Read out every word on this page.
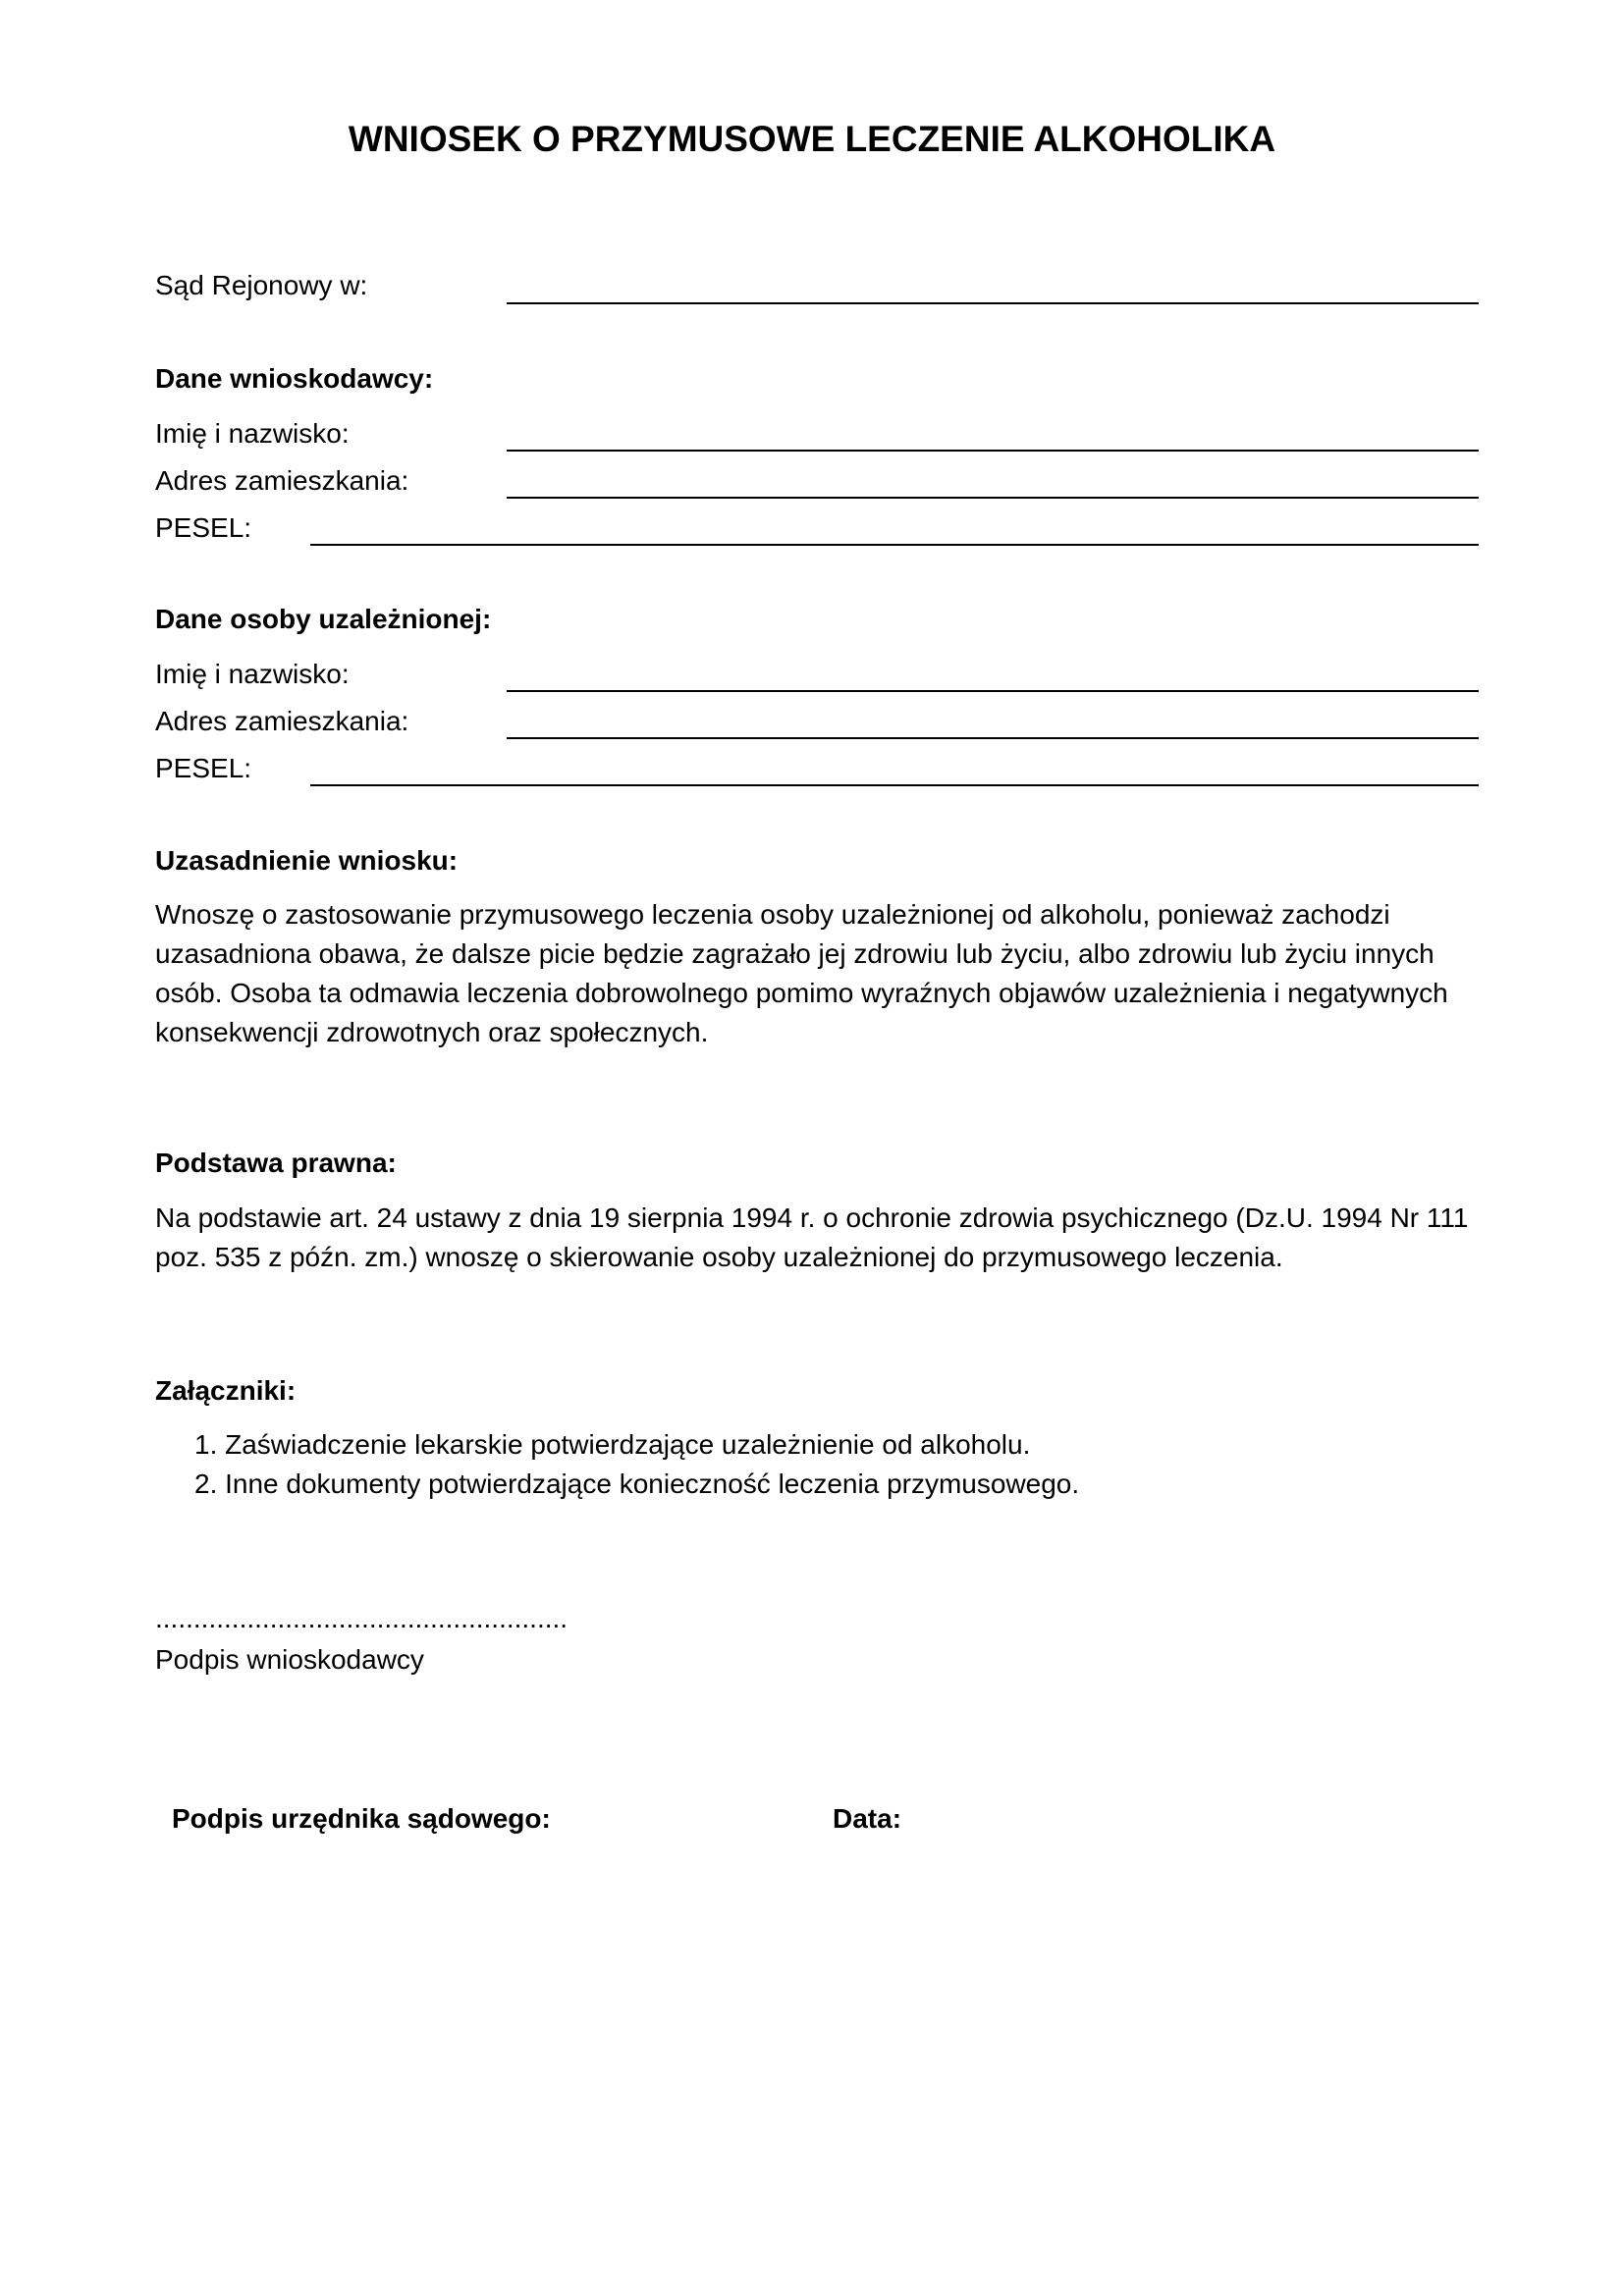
WNIOSEK O PRZYMUSOWE LECZENIE ALKOHOLIKA
Sąd Rejonowy w:
Dane wnioskodawcy:
Imię i nazwisko:
Adres zamieszkania:
PESEL:
Dane osoby uzależnionej:
Imię i nazwisko:
Adres zamieszkania:
PESEL:
Uzasadnienie wniosku:

Wnoszę o zastosowanie przymusowego leczenia osoby uzależnionej od alkoholu, ponieważ zachodzi uzasadniona obawa, że dalsze picie będzie zagrażało jej zdrowiu lub życiu, albo zdrowiu lub życiu innych osób. Osoba ta odmawia leczenia dobrowolnego pomimo wyraźnych objawów uzależnienia i negatywnych konsekwencji zdrowotnych oraz społecznych.

Podstawa prawna:

Na podstawie art. 24 ustawy z dnia 19 sierpnia 1994 r. o ochronie zdrowia psychicznego (Dz.U. 1994 Nr 111 poz. 535 z późn. zm.) wnoszę o skierowanie osoby uzależnionej do przymusowego leczenia.

Załączniki:
1. Zaświadczenie lekarskie potwierdzające uzależnienie od alkoholu.
2. Inne dokumenty potwierdzające konieczność leczenia przymusowego.
......................................................
Podpis wnioskodawcy
Podpis urzędnika sądowego:	Data:
